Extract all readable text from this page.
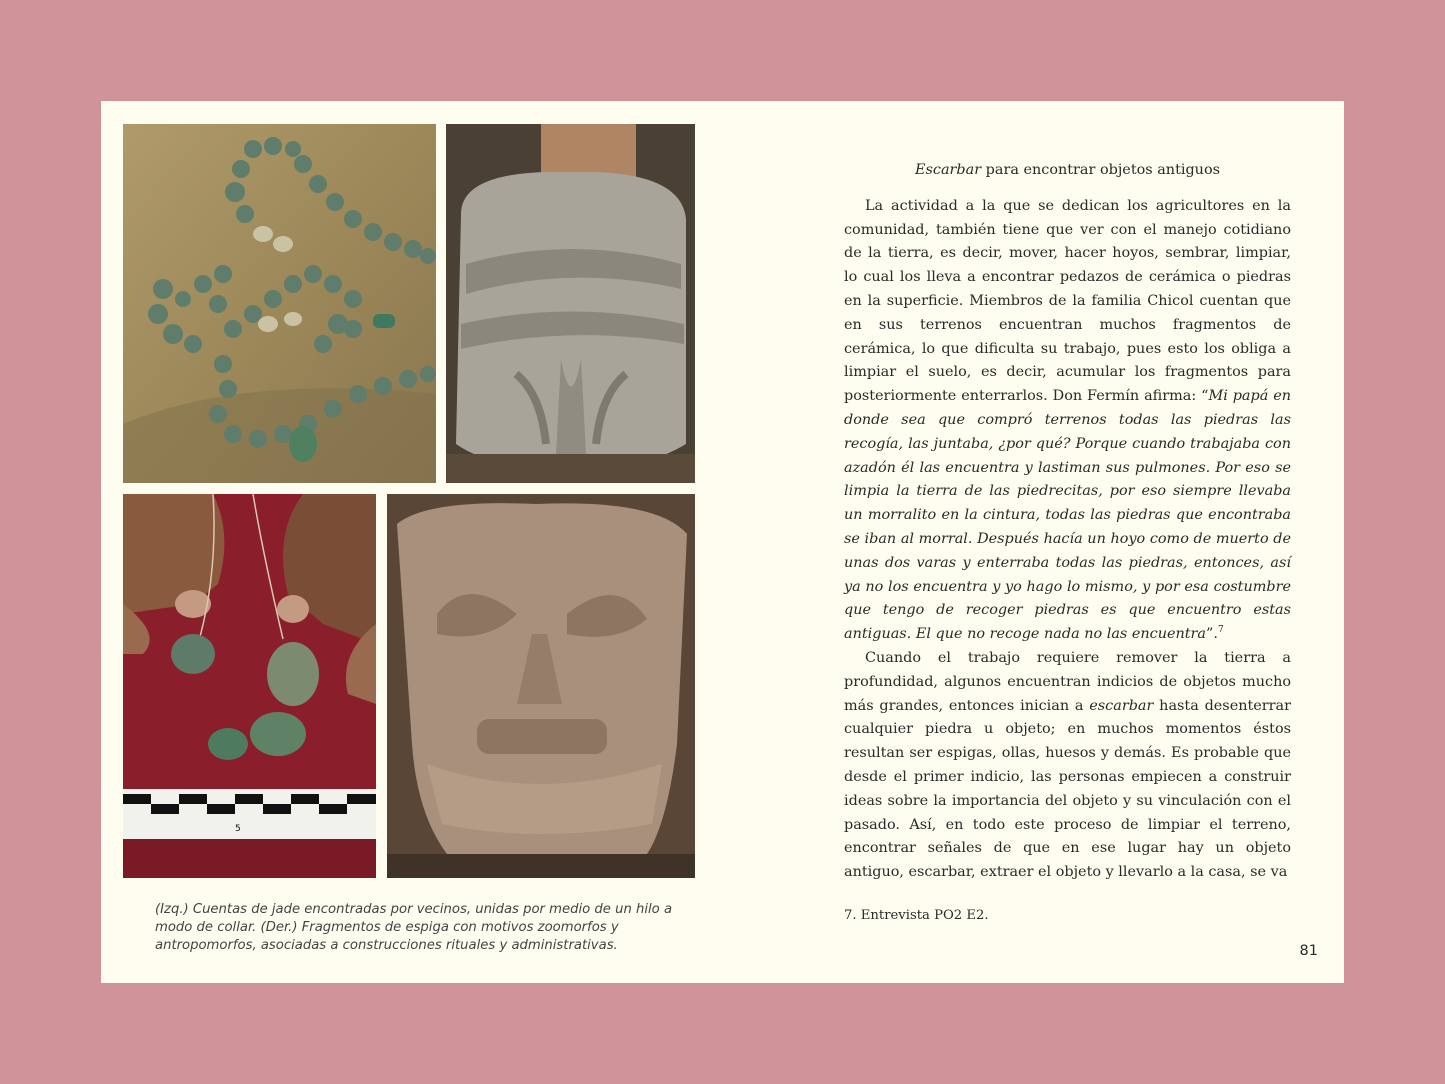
5

(Izq.) Cuentas de jade encontradas por vecinos, unidas por medio de un hilo a modo de collar. (Der.) Fragmentos de espiga con motivos zoomorfos y antropomorfos, asociadas a construcciones rituales y administrativas.

Escarbar para encontrar objetos antiguos

La actividad a la que se dedican los agricultores en la comunidad, también tiene que ver con el manejo cotidiano de la tierra, es decir, mover, hacer hoyos, sembrar, limpiar, lo cual los lleva a encontrar pedazos de cerámica o piedras en la superficie. Miembros de la familia Chicol cuentan que en sus terrenos encuentran muchos fragmentos de cerámica, lo que dificulta su trabajo, pues esto los obliga a limpiar el suelo, es decir, acumular los fragmentos para posteriormente enterrarlos. Don Fermín afirma: “Mi papá en donde sea que compró terrenos todas las piedras las recogía, las juntaba, ¿por qué? Porque cuando trabajaba con azadón él las encuentra y lastiman sus pulmones. Por eso se limpia la tierra de las piedrecitas, por eso siempre llevaba un morralito en la cintura, todas las piedras que encontraba se iban al morral. Después hacía un hoyo como de muerto de unas dos varas y enterraba todas las piedras, entonces, así ya no los encuentra y yo hago lo mismo, y por esa costumbre que tengo de recoger piedras es que encuentro estas antiguas. El que no recoge nada no las encuentra”.$^7$

Cuando el trabajo requiere remover la tierra a profundidad, algunos encuentran indicios de objetos mucho más grandes, entonces inician a escarbar hasta desenterrar cualquier piedra u objeto; en muchos momentos éstos resultan ser espigas, ollas, huesos y demás. Es probable que desde el primer indicio, las personas empiecen a construir ideas sobre la importancia del objeto y su vinculación con el pasado. Así, en todo este proceso de limpiar el terreno, encontrar señales de que en ese lugar hay un objeto antiguo, escarbar, extraer el objeto y llevarlo a la casa, se va

7. Entrevista PO2 E2.
81
